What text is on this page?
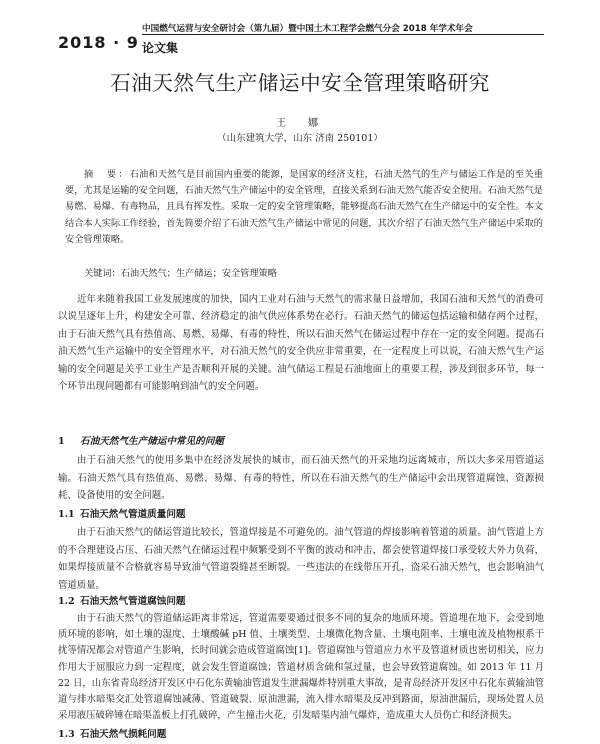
2018 · 9
中国燃气运营与安全研讨会（第九届）暨中国土木工程学会燃气分会 2018 年学术年会
论文集
石油天然气生产储运中安全管理策略研究
王　娜
（山东建筑大学，山东 济南 250101）
摘　要：石油和天然气是目前国内重要的能源，是国家的经济支柱，石油天然气的生产与储运工作是的至关重要，尤其是运输的安全问题，石油天然气生产储运中的安全管理，直接关系到石油天然气能否安全使用。石油天然气是易燃、易爆、有毒物品，且具有挥发性。采取一定的安全管理策略，能够提高石油天然气在生产储运中的安全性。本文结合本人实际工作经验，首先简要介绍了石油天然气生产储运中常见的问题，其次介绍了石油天然气生产储运中采取的安全管理策略。
关键词：石油天然气；生产储运；安全管理策略
近年来随着我国工业发展速度的加快，国内工业对石油与天然气的需求量日益增加，我国石油和天然气的消费可以说呈逐年上升，构建安全可靠、经济稳定的油气供应体系势在必行。石油天然气的储运包括运输和储存两个过程，由于石油天然气具有热值高、易燃、易爆、有毒的特性，所以石油天然气在储运过程中存在一定的安全问题。提高石油天然气生产运输中的安全管理水平，对石油天然气的安全供应非常重要，在一定程度上可以说，石油天然气生产运输的安全问题是关乎工业生产是否顺利开展的关键。油气储运工程是石油地面上的重要工程，涉及到很多环节，每一个环节出现问题都有可能影响到油气的安全问题。
1 石油天然气生产储运中常见的问题
由于石油天然气的使用多集中在经济发展快的城市，而石油天然气的开采地均远离城市，所以大多采用管道运输。石油天然气具有热值高、易燃、易爆、有毒的特性，所以在石油天然气的生产储运中会出现管道腐蚀、资源损耗、设备使用的安全问题。
1.1 石油天然气管道质量问题
由于石油天然气的储运管道比较长，管道焊接是不可避免的。油气管道的焊接影响着管道的质量。油气管道上方的不合理建设占压、石油天然气在储运过程中频繁受到不平衡的波动和冲击，都会使管道焊接口承受较大外力负荷，如果焊接质量不合格就容易导致油气管道裂缝甚至断裂。一些违法的在线带压开孔，盗采石油天然气，也会影响油气管道质量。
1.2 石油天然气管道腐蚀问题
由于石油天然气的管道储运距离非常远，管道需要要通过很多不同的复杂的地质环境。管道埋在地下，会受到地质环境的影响，如土壤的湿度、土壤酸碱 pH 值、土壤类型、土壤微化物含量、土壤电阻率、土壤电流及植物根系干扰等情况都会对管道产生影响，长时间就会造成管道腐蚀[1]。管道腐蚀与管道应力水平及管道材质也密切相关，应力作用大于屈服应力到一定程度，就会发生管道腐蚀；管道材质含硫和氢过量，也会导致管道腐蚀。如 2013 年 11 月 22 日，山东省青岛经济开发区中石化东黄输油管道发生泄漏爆炸特别重大事故，是青岛经济开发区中石化东黄输油管道与排水暗渠交汇处管道腐蚀减薄、管道破裂、原油泄漏，流入排水暗渠及反冲到路面，原油泄漏后，现场处置人员采用液压破碎锤在暗渠盖板上打孔破碎，产生撞击火花，引发暗渠内油气爆炸，造成重大人员伤亡和经济损失。
1.3 石油天然气损耗问题
